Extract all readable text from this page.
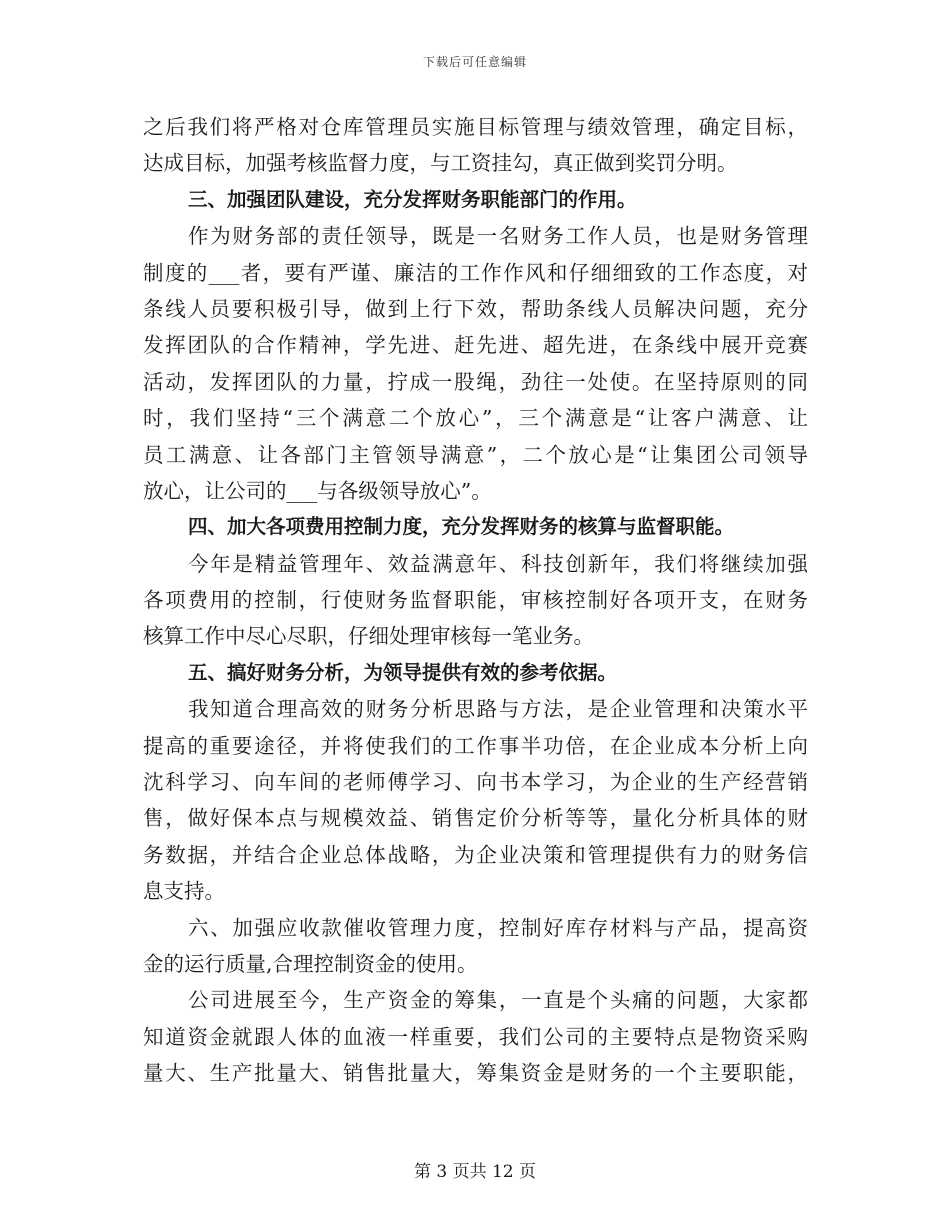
下载后可任意编辑
之后我们将严格对仓库管理员实施目标管理与绩效管理，确定目标，
达成目标，加强考核监督力度，与工资挂勾，真正做到奖罚分明。
三、加强团队建设，充分发挥财务职能部门的作用。
作为财务部的责任领导，既是一名财务工作人员，也是财务管理
制度的___者，要有严谨、廉洁的工作作风和仔细细致的工作态度，对
条线人员要积极引导，做到上行下效，帮助条线人员解决问题，充分
发挥团队的合作精神，学先进、赶先进、超先进，在条线中展开竞赛
活动，发挥团队的力量，拧成一股绳，劲往一处使。在坚持原则的同
时，我们坚持“三个满意二个放心”，三个满意是“让客户满意、让
员工满意、让各部门主管领导满意”，二个放心是“让集团公司领导
放心，让公司的___与各级领导放心”。
四、加大各项费用控制力度，充分发挥财务的核算与监督职能。
今年是精益管理年、效益满意年、科技创新年，我们将继续加强
各项费用的控制，行使财务监督职能，审核控制好各项开支，在财务
核算工作中尽心尽职，仔细处理审核每一笔业务。
五、搞好财务分析，为领导提供有效的参考依据。
我知道合理高效的财务分析思路与方法，是企业管理和决策水平
提高的重要途径，并将使我们的工作事半功倍，在企业成本分析上向
沈科学习、向车间的老师傅学习、向书本学习，为企业的生产经营销
售，做好保本点与规模效益、销售定价分析等等，量化分析具体的财
务数据，并结合企业总体战略，为企业决策和管理提供有力的财务信
息支持。
六、加强应收款催收管理力度，控制好库存材料与产品，提高资
金的运行质量,合理控制资金的使用。
公司进展至今，生产资金的筹集，一直是个头痛的问题，大家都
知道资金就跟人体的血液一样重要，我们公司的主要特点是物资采购
量大、生产批量大、销售批量大，筹集资金是财务的一个主要职能，
第 3 页共 12 页
